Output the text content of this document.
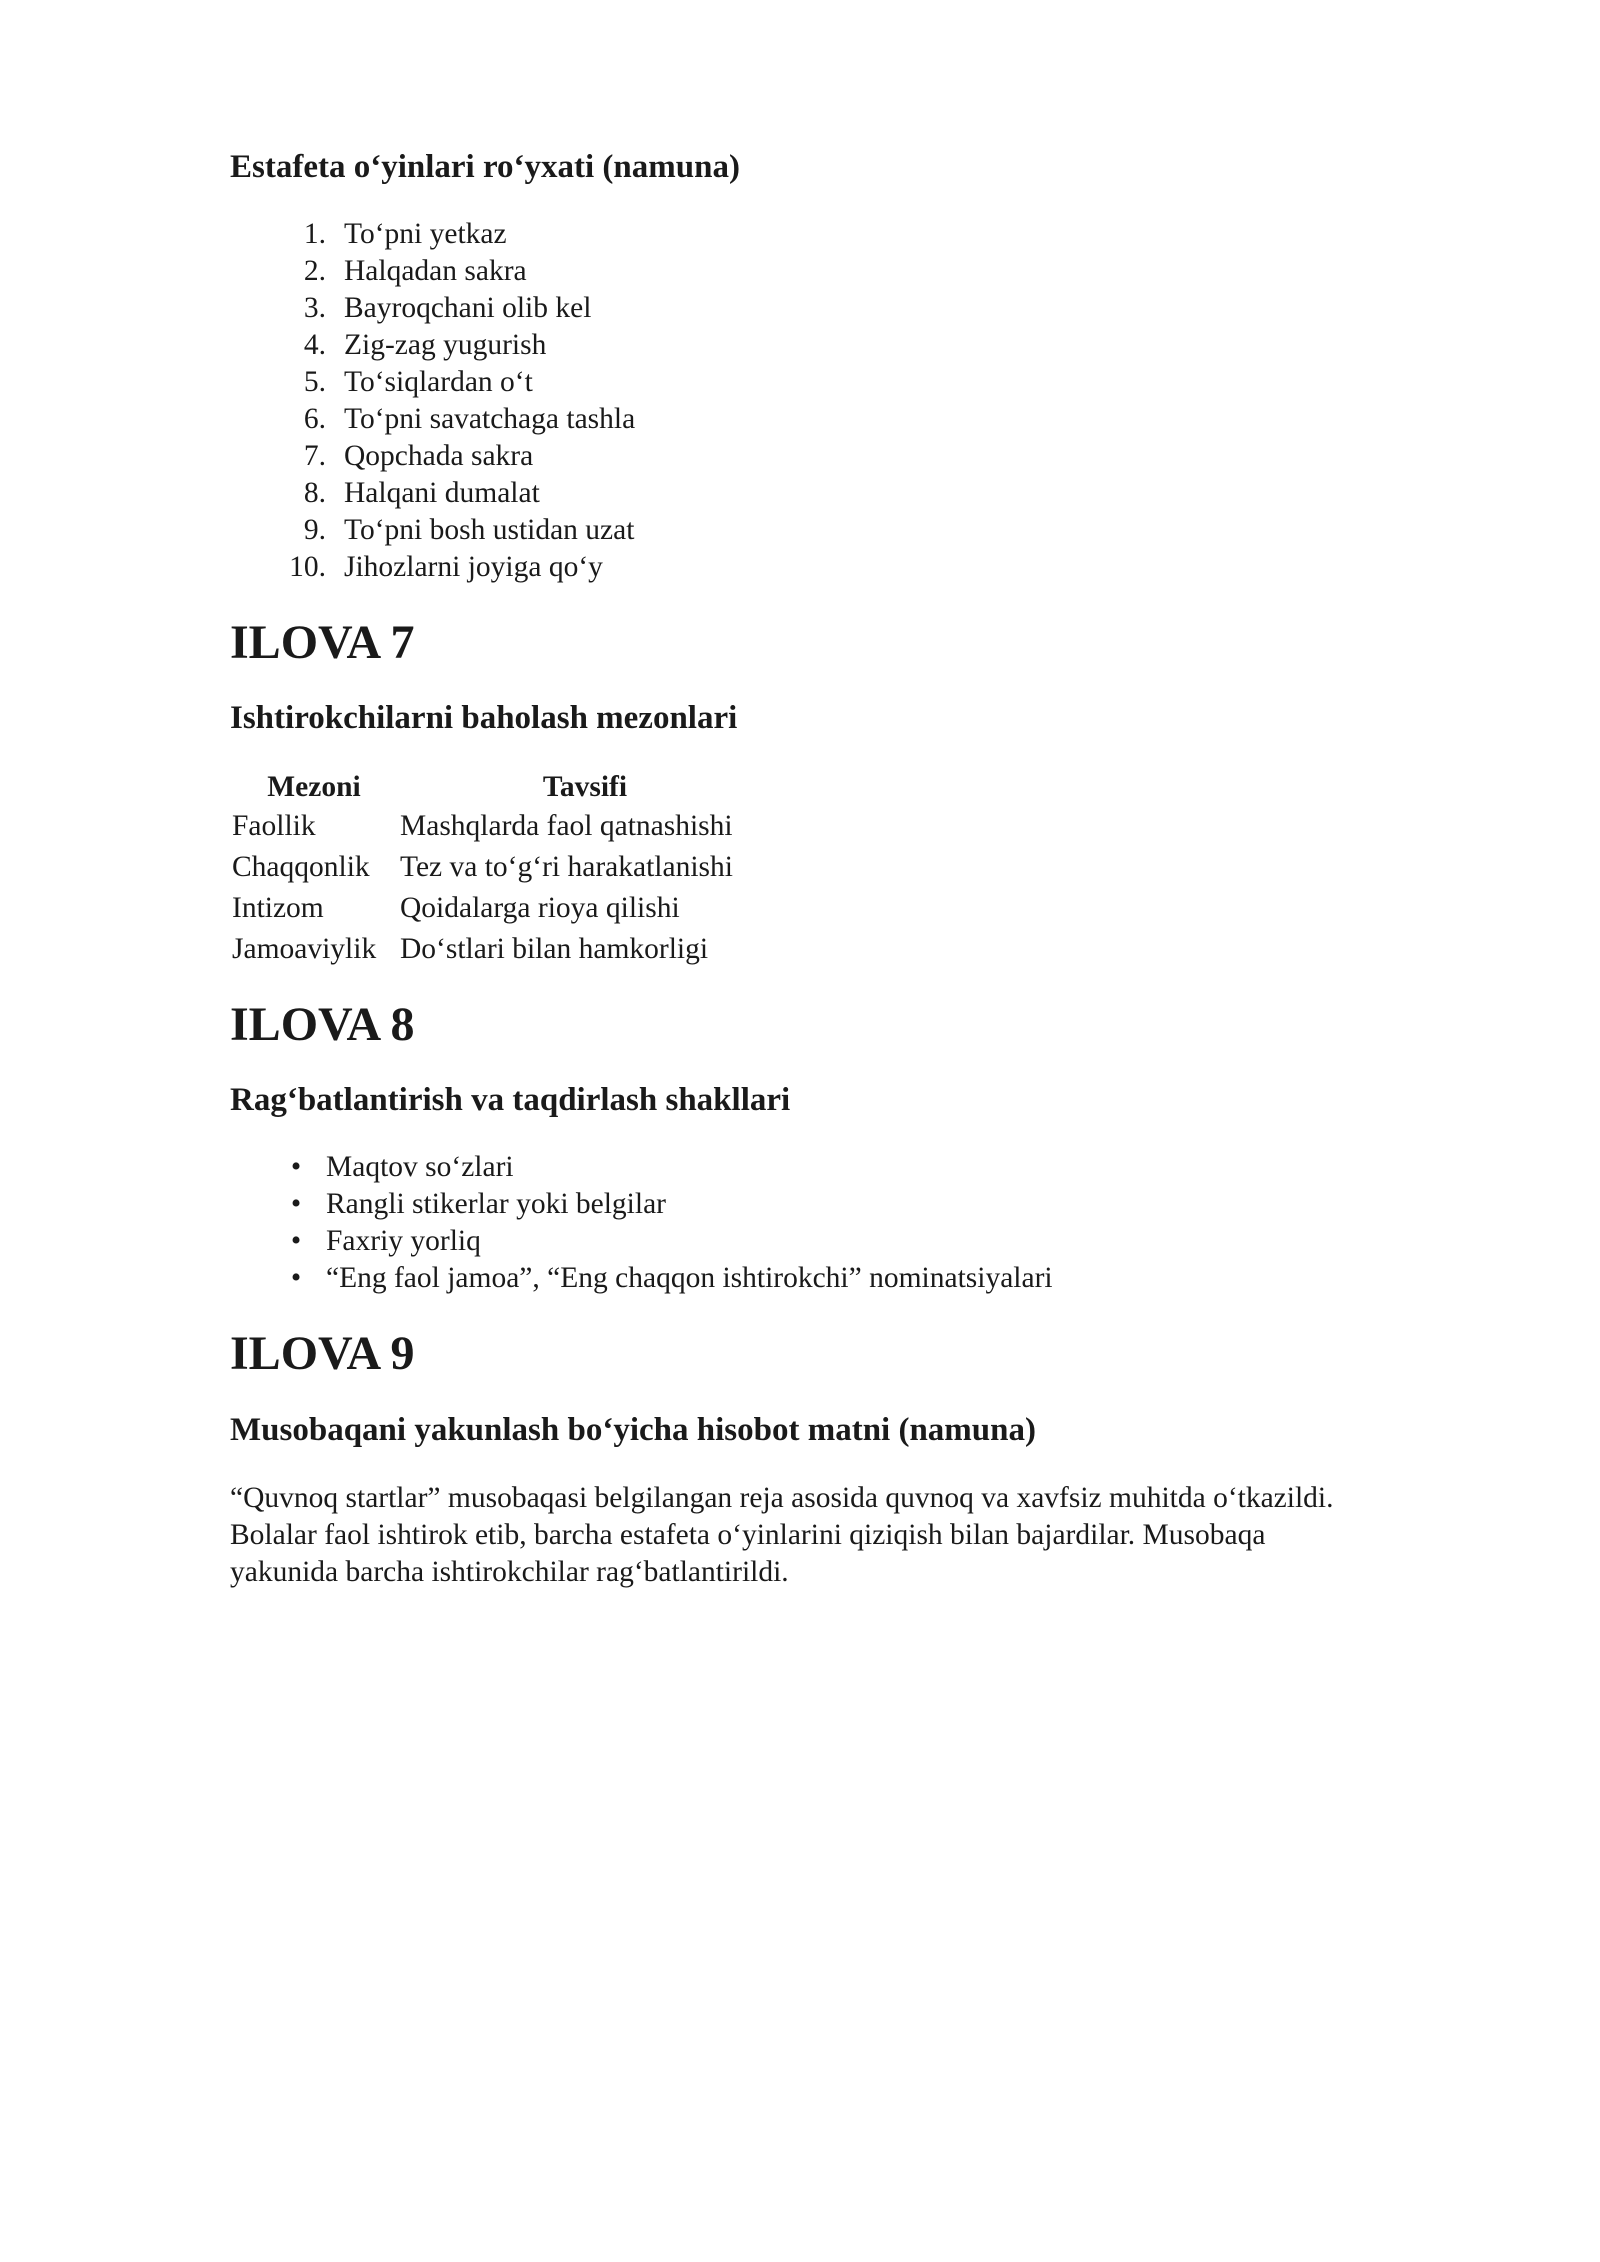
Estafeta o‘yinlari ro‘yxati (namuna)
1. To‘pni yetkaz
2. Halqadan sakra
3. Bayroqchani olib kel
4. Zig-zag yugurish
5. To‘siqlardan o‘t
6. To‘pni savatchaga tashla
7. Qopchada sakra
8. Halqani dumalat
9. To‘pni bosh ustidan uzat
10. Jihozlarni joyiga qo‘y
ILOVA 7
Ishtirokchilarni baholash mezonlari
Mezoni	Tavsifi
Faollik	Mashqlarda faol qatnashishi
Chaqqonlik	Tez va to‘g‘ri harakatlanishi
Intizom	Qoidalarga rioya qilishi
Jamoaviylik	Do‘stlari bilan hamkorligi
ILOVA 8
Rag‘batlantirish va taqdirlash shakllari
• Maqtov so‘zlari
• Rangli stikerlar yoki belgilar
• Faxriy yorliq
• “Eng faol jamoa”, “Eng chaqqon ishtirokchi” nominatsiyalari
ILOVA 9
Musobaqani yakunlash bo‘yicha hisobot matni (namuna)

“Quvnoq startlar” musobaqasi belgilangan reja asosida quvnoq va xavfsiz muhitda o‘tkazildi.

Bolalar faol ishtirok etib, barcha estafeta o‘yinlarini qiziqish bilan bajardilar. Musobaqa

yakunida barcha ishtirokchilar rag‘batlantirildi.
